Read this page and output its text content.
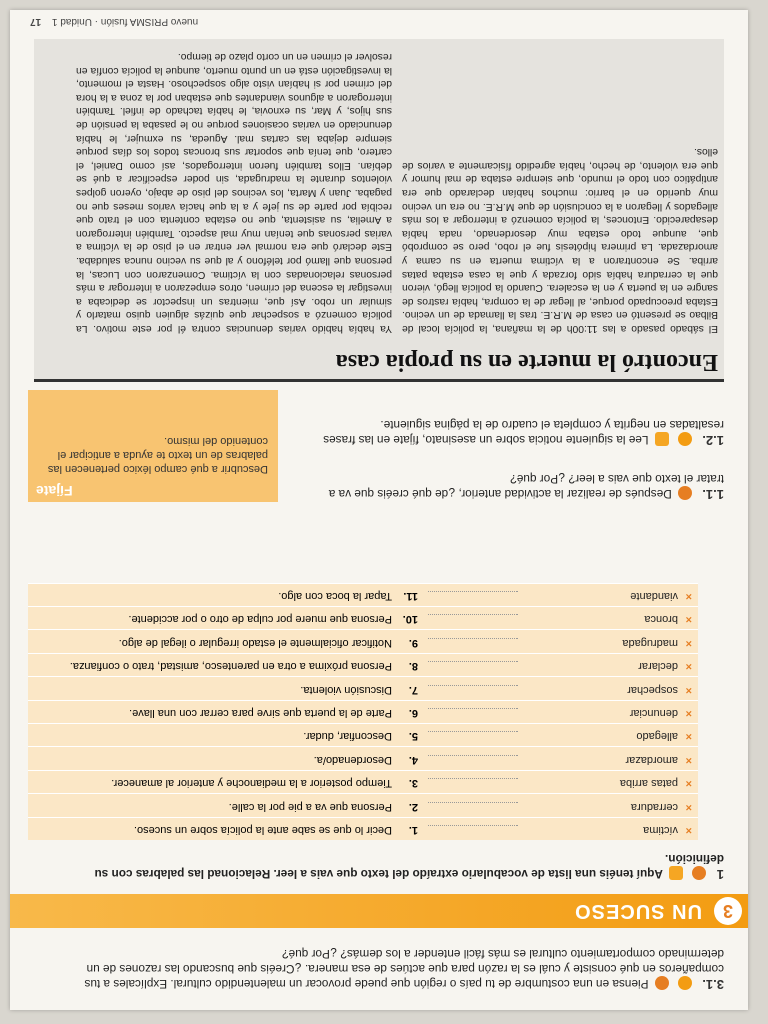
3.1.   Piensa en una costumbre de tu país o región que puede provocar un malentendido cultural. Explícales a tus compañeros en qué consiste y cuál es la razón para que actúes de esa manera. ¿Creéis que buscando las razones de un determinado comportamiento cultural es más fácil entender a los demás? ¿Por qué?
3
UN SUCESO
1   Aquí tenéis una lista de vocabulario extraído del texto que vais a leer. Relacionad las palabras con su definición.
×
víctima
1.
Decir lo que se sabe ante la policía sobre un suceso.
×
cerradura
2.
Persona que va a pie por la calle.
×
patas arriba
3.
Tiempo posterior a la medianoche y anterior al amanecer.
×
amordazar
4.
Desordenado/a.
×
allegado
5.
Desconfiar, dudar.
×
denunciar
6.
Parte de la puerta que sirve para cerrar con una llave.
×
sospechar
7.
Discusión violenta.
×
declarar
8.
Persona próxima a otra en parentesco, amistad, trato o confianza.
×
madrugada
9.
Notificar oficialmente el estado irregular o ilegal de algo.
×
bronca
10.
Persona que muere por culpa de otro o por accidente.
×
viandante
11.
Tapar la boca con algo.
1.1.  Después de realizar la actividad anterior, ¿de qué creéis que va a tratar el texto que vais a leer? ¿Por qué?
1.2.   Lee la siguiente noticia sobre un asesinato, fíjate en las frases resaltadas en negrita y completa el cuadro de la página siguiente.
Fíjate
Descubrir a qué campo léxico pertenecen las palabras de un texto te ayuda a anticipar el contenido del mismo.
Encontró la muerte en su propia casa
El sábado pasado a las 11:00h de la mañana, la policía local de Bilbao se presentó en casa de M.R.E. tras la llamada de un vecino. Estaba preocupado porque, al llegar de la compra, había rastros de sangre en la puerta y en la escalera. Cuando la policía llegó, vieron que la cerradura había sido forzada y que la casa estaba patas arriba. Se encontraron a la víctima muerta en su cama y amordazada. La primera hipótesis fue el robo, pero se comprobó que, aunque todo estaba muy desordenado, nada había desaparecido. Entonces, la policía comenzó a interrogar a los más allegados y llegaron a la conclusión de que M.R.E. no era un vecino muy querido en el barrio: muchos habían declarado que era antipático con todo el mundo, que siempre estaba de mal humor y que era violento, de hecho, había agredido físicamente a varios de ellos.
Ya había habido varias denuncias contra él por este motivo. La policía comenzó a sospechar que quizás alguien quiso matarlo y simular un robo. Así que, mientras un inspector se dedicaba a investigar la escena del crimen, otros empezaron a interrogar a más personas relacionadas con la víctima. Comenzaron con Lucas, la persona que llamó por teléfono y al que su vecino nunca saludaba. Este declaró que era normal ver entrar en el piso de la víctima a varias personas que tenían muy mal aspecto. También interrogaron a Amelia, su asistenta, que no estaba contenta con el trato que recibía por parte de su jefe y a la que hacía varios meses que no pagaba. Juan y Marta, los vecinos del piso de abajo, oyeron golpes violentos durante la madrugada, sin poder especificar a qué se debían. Ellos también fueron interrogados, así como Daniel, el cartero, que tenía que soportar sus broncas todos los días porque siempre dejaba las cartas mal. Agueda, su exmujer, le había denunciado en varias ocasiones porque no le pasaba la pensión de sus hijos, y Mar, su exnovia, le había tachado de infiel. También interrogaron a algunos viandantes que estaban por la zona a la hora del crimen por si habían visto algo sospechoso. Hasta el momento, la investigación está en un punto muerto, aunque la policía confía en resolver el crimen en un corto plazo de tiempo.
nuevo PRISMA fusión · Unidad 1 17
